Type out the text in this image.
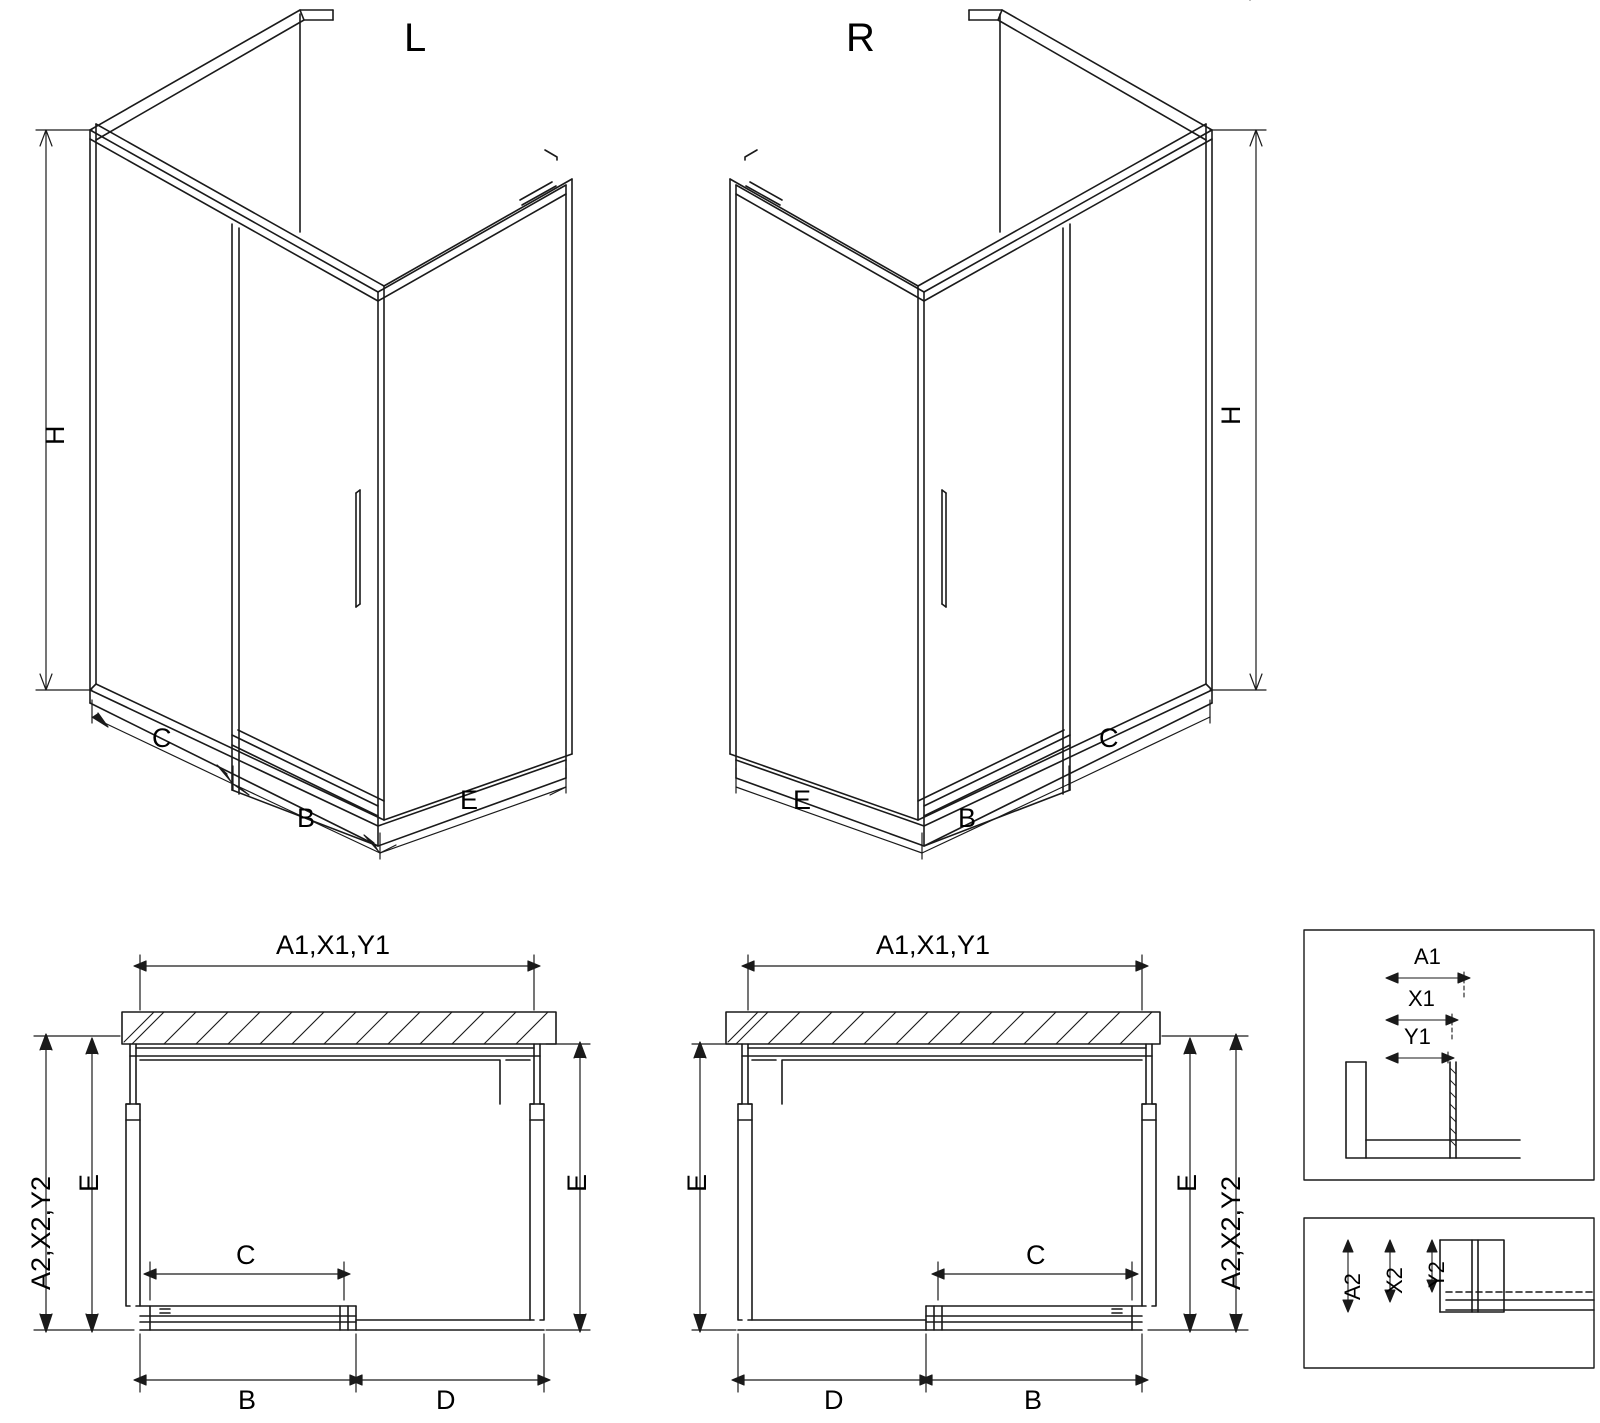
L	R
H
C
B
E
H
C
B
E
A1,X1,Y1
A2,X2,Y2 E	E
C
B	D
A1,X1,Y1
A2,X2,Y2
E
E
C
B
D
A1
X1
Y1
A2 X2 Y2
